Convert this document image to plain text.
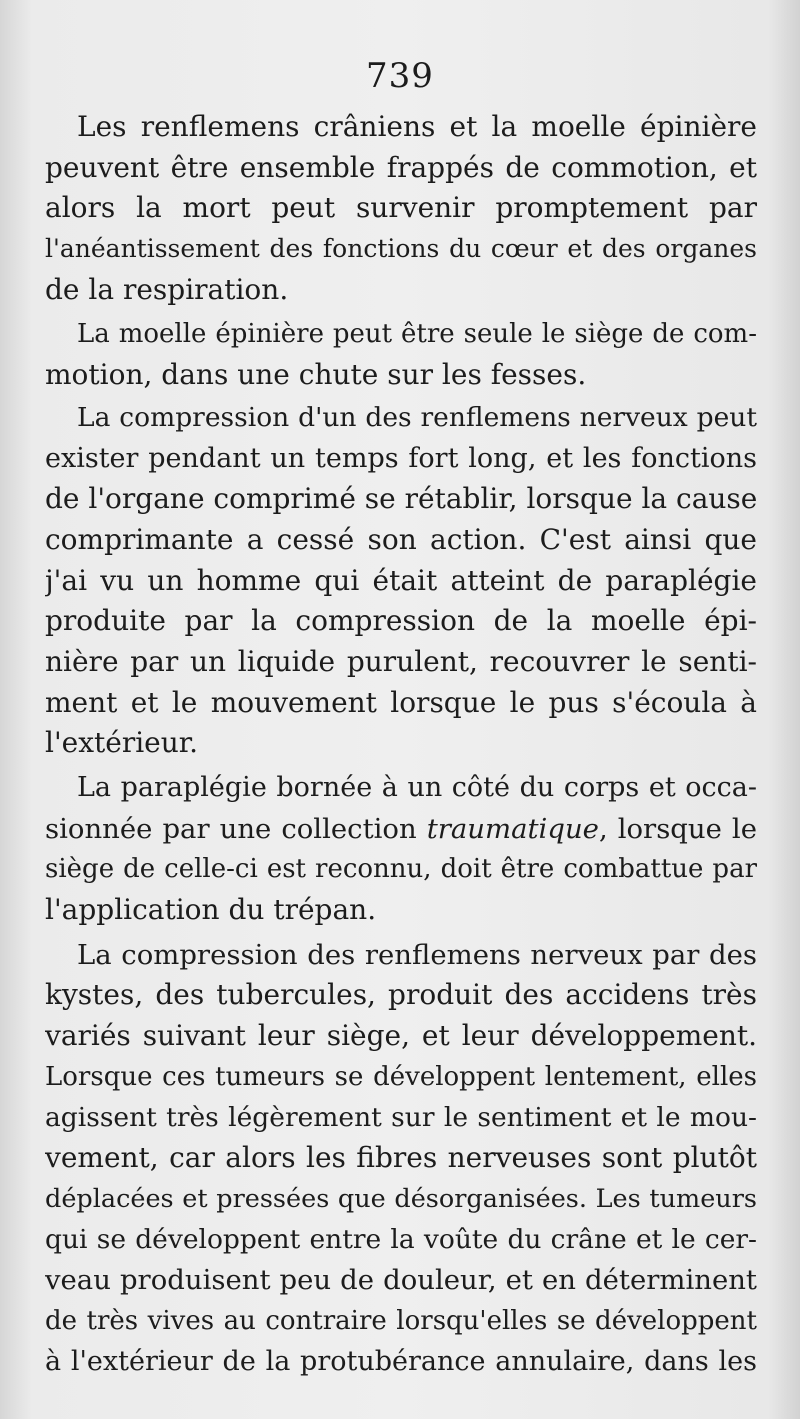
739
Les renflemens crâniens et la moelle épinière
peuvent être ensemble frappés de commotion, et
alors la mort peut survenir promptement par
l'anéantissement des fonctions du cœur et des organes
de la respiration.
La moelle épinière peut être seule le siège de com-
motion, dans une chute sur les fesses.
La compression d'un des renflemens nerveux peut
exister pendant un temps fort long, et les fonctions
de l'organe comprimé se rétablir, lorsque la cause
comprimante a cessé son action. C'est ainsi que
j'ai vu un homme qui était atteint de paraplégie
produite par la compression de la moelle épi-
nière par un liquide purulent, recouvrer le senti-
ment et le mouvement lorsque le pus s'écoula à
l'extérieur.
La paraplégie bornée à un côté du corps et occa-
sionnée par une collection traumatique, lorsque le
siège de celle-ci est reconnu, doit être combattue par
l'application du trépan.
La compression des renflemens nerveux par des
kystes, des tubercules, produit des accidens très
variés suivant leur siège, et leur développement.
Lorsque ces tumeurs se développent lentement, elles
agissent très légèrement sur le sentiment et le mou-
vement, car alors les fibres nerveuses sont plutôt
déplacées et pressées que désorganisées. Les tumeurs
qui se développent entre la voûte du crâne et le cer-
veau produisent peu de douleur, et en déterminent
de très vives au contraire lorsqu'elles se développent
à l'extérieur de la protubérance annulaire, dans les
